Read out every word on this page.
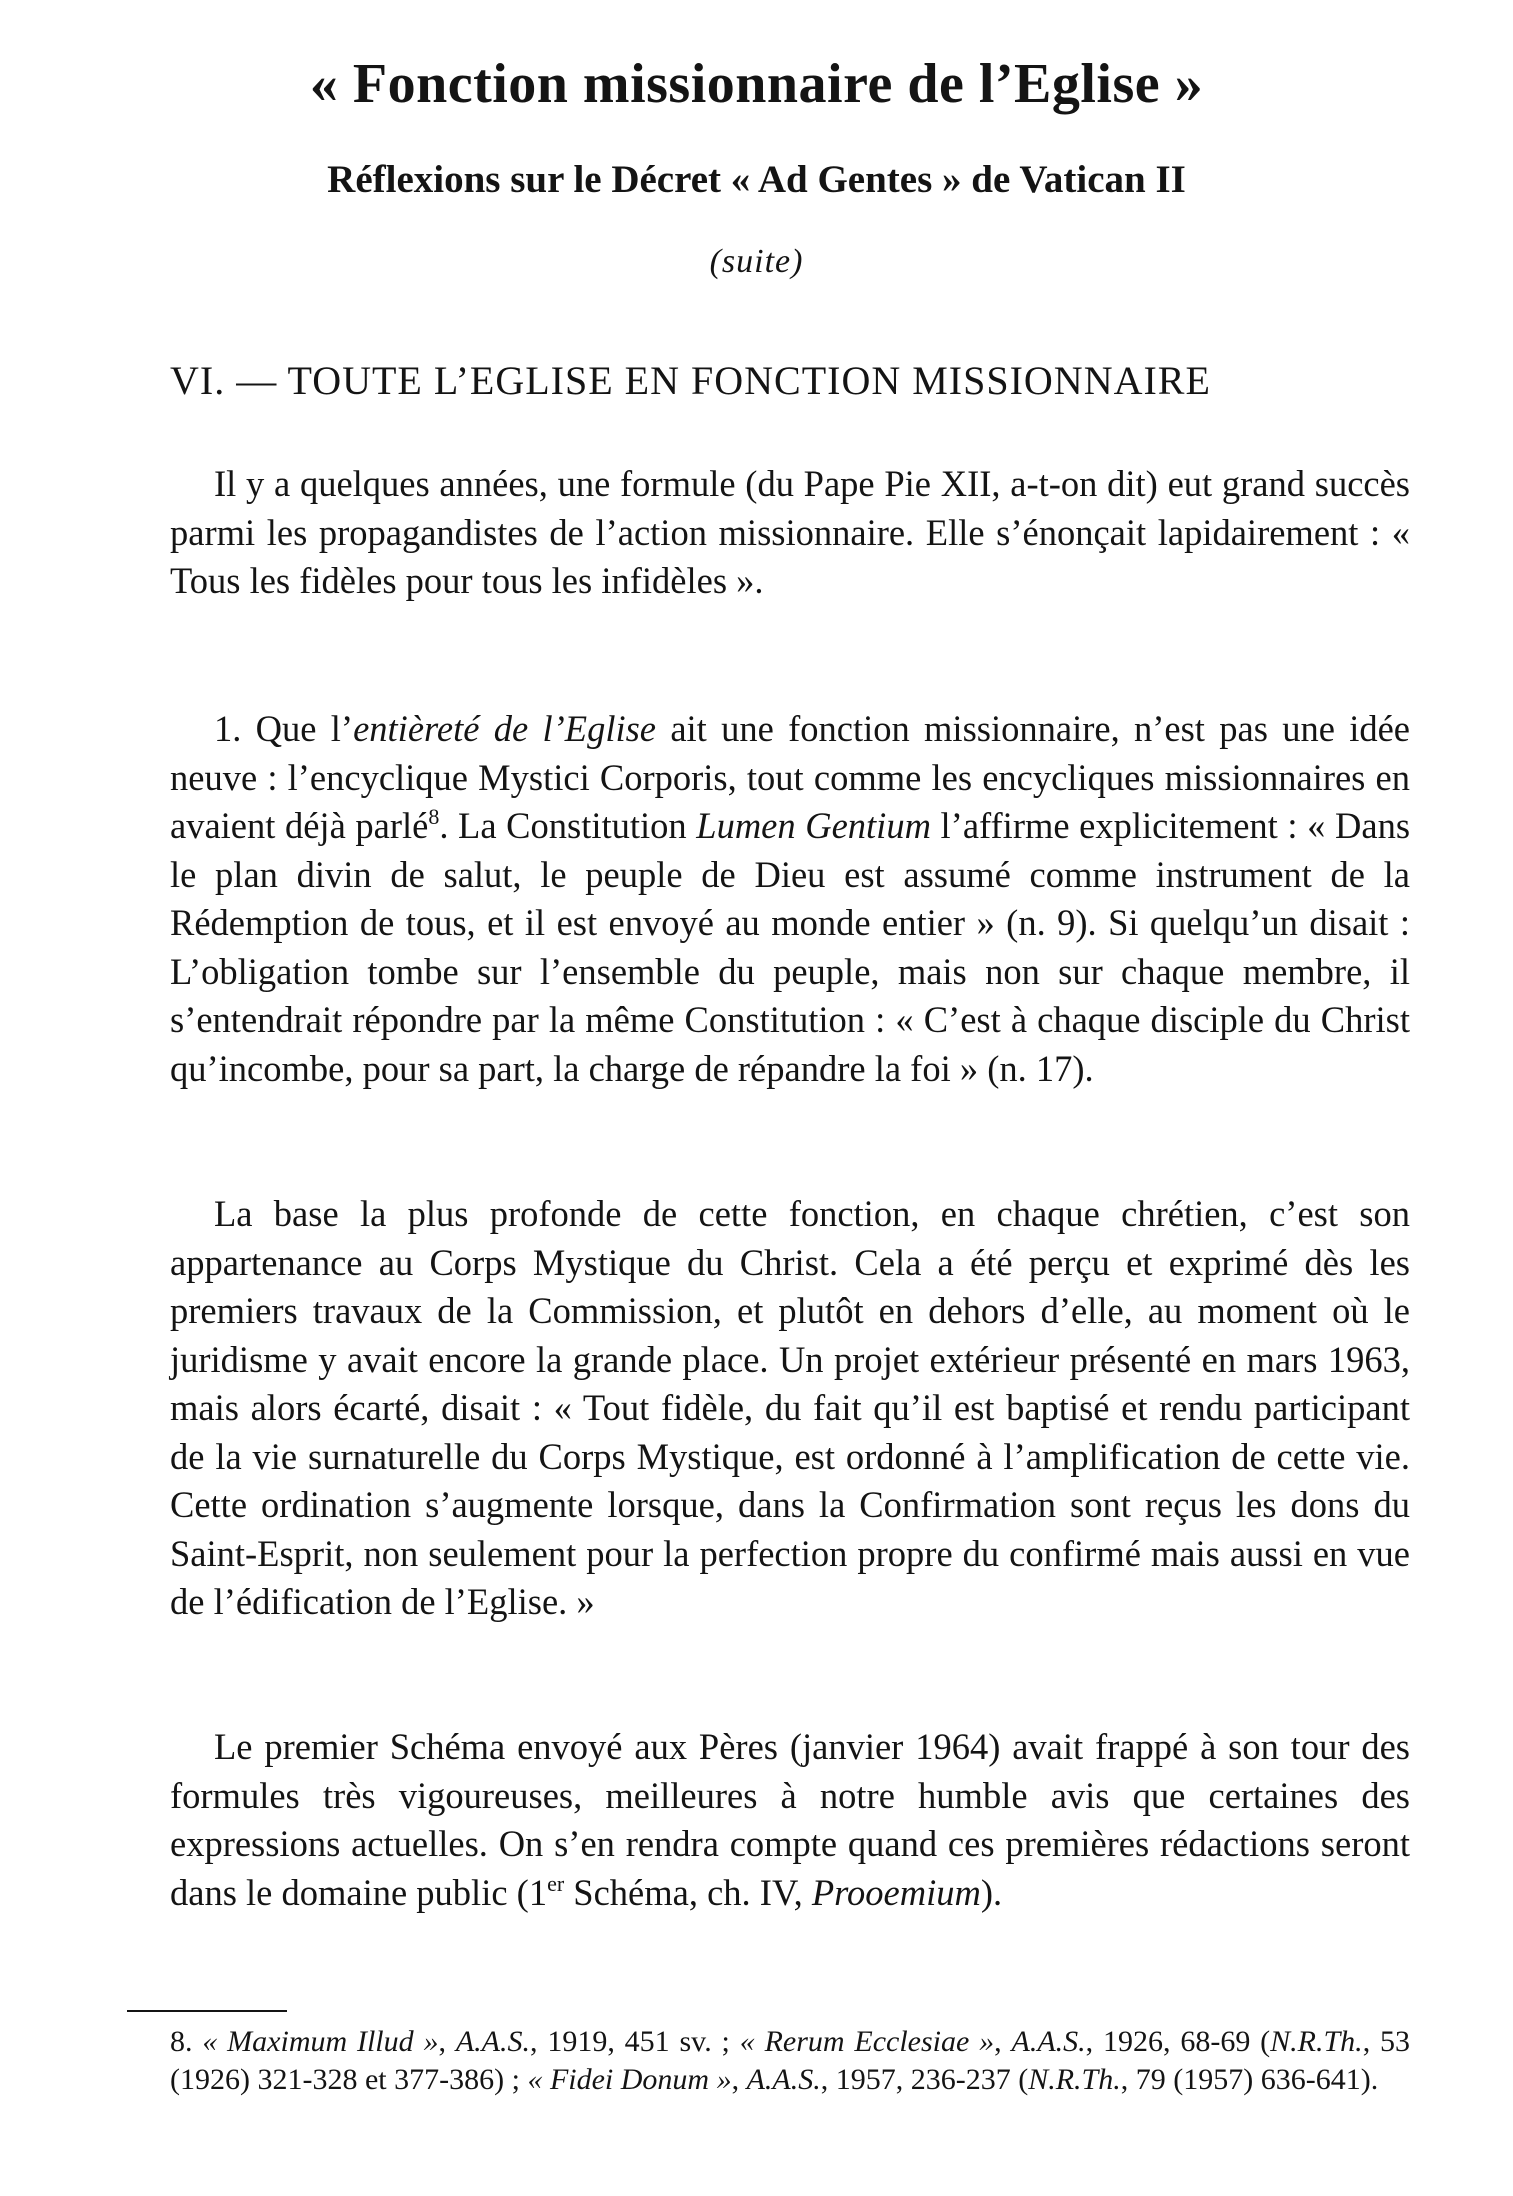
« Fonction missionnaire de l’Eglise »
Réflexions sur le Décret « Ad Gentes » de Vatican II
(suite)
VI. — TOUTE L’EGLISE EN FONCTION MISSIONNAIRE
Il y a quelques années, une formule (du Pape Pie XII, a-t-on dit) eut grand succès parmi les propagandistes de l’action missionnaire. Elle s’énonçait lapidairement : « Tous les fidèles pour tous les infidèles ».
1. Que l’entièreté de l’Eglise ait une fonction missionnaire, n’est pas une idée neuve : l’encyclique Mystici Corporis, tout comme les encycliques missionnaires en avaient déjà parlé$^8$. La Constitution Lumen Gentium l’affirme explicitement : « Dans le plan divin de salut, le peuple de Dieu est assumé comme instrument de la Rédemption de tous, et il est envoyé au monde entier » (n. 9). Si quelqu’un disait : L’obligation tombe sur l’ensemble du peuple, mais non sur chaque membre, il s’entendrait répondre par la même Constitution : « C’est à chaque disciple du Christ qu’incombe, pour sa part, la charge de répandre la foi » (n. 17).
La base la plus profonde de cette fonction, en chaque chrétien, c’est son appartenance au Corps Mystique du Christ. Cela a été perçu et exprimé dès les premiers travaux de la Commission, et plutôt en dehors d’elle, au moment où le juridisme y avait encore la grande place. Un projet extérieur présenté en mars 1963, mais alors écarté, disait : « Tout fidèle, du fait qu’il est baptisé et rendu participant de la vie surnaturelle du Corps Mystique, est ordonné à l’amplification de cette vie. Cette ordination s’augmente lorsque, dans la Confirmation sont reçus les dons du Saint-Esprit, non seulement pour la perfection propre du confirmé mais aussi en vue de l’édification de l’Eglise. »
Le premier Schéma envoyé aux Pères (janvier 1964) avait frappé à son tour des formules très vigoureuses, meilleures à notre humble avis que certaines des expressions actuelles. On s’en rendra compte quand ces premières rédactions seront dans le domaine public (1er Schéma, ch. IV, Prooemium).
8. « Maximum Illud », A.A.S., 1919, 451 sv. ; « Rerum Ecclesiae », A.A.S., 1926, 68-69 (N.R.Th., 53 (1926) 321-328 et 377-386) ; « Fidei Donum », A.A.S., 1957, 236-237 (N.R.Th., 79 (1957) 636-641).
